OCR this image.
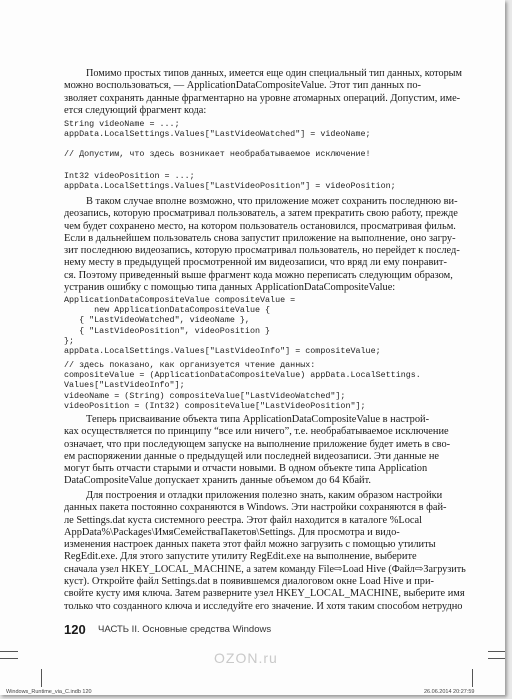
Помимо простых типов данных, имеется еще один специальный тип данных, которым
можно воспользоваться, — ApplicationDataCompositeValue. Этот тип данных по-
зволяет сохранять данные фрагментарно на уровне атомарных операций. Допустим, име-
ется следующий фрагмент кода:
String videoName = ...;
appData.LocalSettings.Values["LastVideoWatched"] = videoName;
// Допустим, что здесь возникает необрабатываемое исключение!
Int32 videoPosition = ...;
appData.LocalSettings.Values["LastVideoPosition"] = videoPosition;
В таком случае вполне возможно, что приложение может сохранить последнюю ви-
деозапись, которую просматривал пользователь, а затем прекратить свою работу, прежде
чем будет сохранено место, на котором пользователь остановился, просматривая фильм.
Если в дальнейшем пользователь снова запустит приложение на выполнение, оно загру-
зит последнюю видеозапись, которую просматривал пользователь, но перейдет к послед-
нему месту в предыдущей просмотренной им видеозаписи, что вряд ли ему понравит-
ся. Поэтому приведенный выше фрагмент кода можно переписать следующим образом,
устранив ошибку с помощью типа данных ApplicationDataCompositeValue:
ApplicationDataCompositeValue compositeValue =
new ApplicationDataCompositeValue {
{ "LastVideoWatched", videoName },
{ "LastVideoPosition", videoPosition }
};
appData.LocalSettings.Values["LastVideoInfo"] = compositeValue;
// здесь показано, как организуется чтение данных:
compositeValue = (ApplicationDataCompositeValue) appData.LocalSettings.
Values["LastVideoInfo"];
videoName = (String) compositeValue["LastVideoWatched"];
videoPosition = (Int32) compositeValue["LastVideoPosition"];
Теперь присваивание объекта типа ApplicationDataCompositeValue в настрой-
ках осуществляется по принципу “все или ничего”, т.е. необрабатываемое исключение
означает, что при последующем запуске на выполнение приложение будет иметь в сво-
ем распоряжении данные о предыдущей или последней видеозаписи. Эти данные не
могут быть отчасти старыми и отчасти новыми. В одном объекте типа Application
DataCompositeValue допускает хранить данные объемом до 64 Кбайт.
Для построения и отладки приложения полезно знать, каким образом настройки
данных пакета постоянно сохраняются в Windows. Эти настройки сохраняются в фай-
ле Settings.dat куста системного реестра. Этот файл находится в каталоге %Local
AppData%\Packages\ИмяСемействаПакетов\Settings. Для просмотра и видо-
изменения настроек данных пакета этот файл можно загрузить с помощью утилиты
RegEdit.exe. Для этого запустите утилиту RegEdit.exe на выполнение, выберите
сначала узел HKEY_LOCAL_MACHINE, а затем команду File⇨Load Hive (Файл⇨Загрузить
куст). Откройте файл Settings.dat в появившемся диалоговом окне Load Hive и при-
свойте кусту имя ключа. Затем разверните узел HKEY_LOCAL_MACHINE, выберите имя
только что созданного ключа и исследуйте его значение. И хотя таким способом нетрудно
120 ЧАСТЬ II. Основные средства Windows
OZON.ru
Windows_Runtime_via_C.indb 120	26.06.2014 20:27:59
